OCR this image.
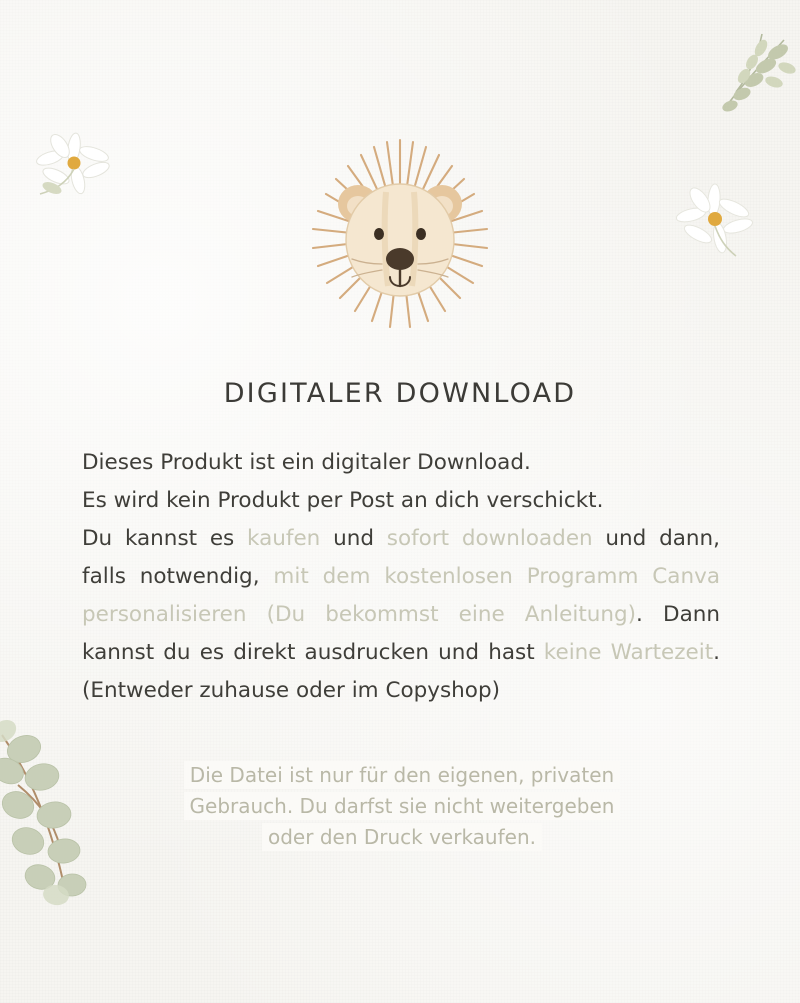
DIGITALER DOWNLOAD

Dieses Produkt ist ein digitaler Download.

Es wird kein Produkt per Post an dich verschickt.

Du kannst es kaufen und sofort downloaden und dann, falls notwendig, mit dem kostenlosen Programm Canva personalisieren (Du bekommst eine Anleitung). Dann kannst du es direkt ausdrucken und hast keine Wartezeit. (Entweder zuhause oder im Copyshop)

Die Datei ist nur für den eigenen, privaten
Gebrauch. Du darfst sie nicht weitergeben
oder den Druck verkaufen.
